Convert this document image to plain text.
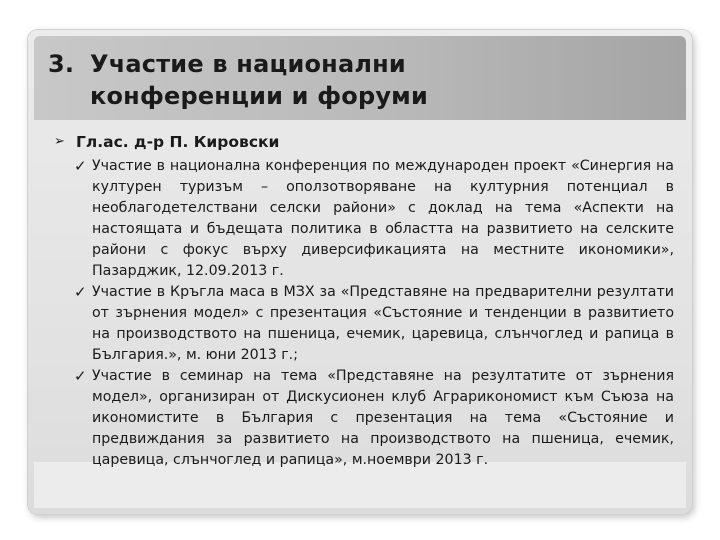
3. Участие в национални
конференции и форуми
➢ Гл.ас. д-р П. Кировски
✓ Участие в национална конференция по международен проект «Синергия на културен туризъм – оползотворяване на културния потенциал в необлагодетелствани селски райони» с доклад на тема «Аспекти на настоящата и бъдещата политика в областта на развитието на селските райони с фокус върху диверсификацията на местните икономики», Пазарджик, 12.09.2013 г.

✓ Участие в Кръгла маса в МЗХ за «Представяне на предварителни резултати от зърнения модел» с презентация «Състояние и тенденции в развитието на производството на пшеница, ечемик, царевица, слънчоглед и рапица в България.», м. юни 2013 г.;

✓ Участие в семинар на тема «Представяне на резултатите от зърнения модел», организиран от Дискусионен клуб Аграрикономист към Съюза на икономистите в България с презентация на тема «Състояние и предвиждания за развитието на производството на пшеница, ечемик, царевица, слънчоглед и рапица», м.ноември 2013 г.
